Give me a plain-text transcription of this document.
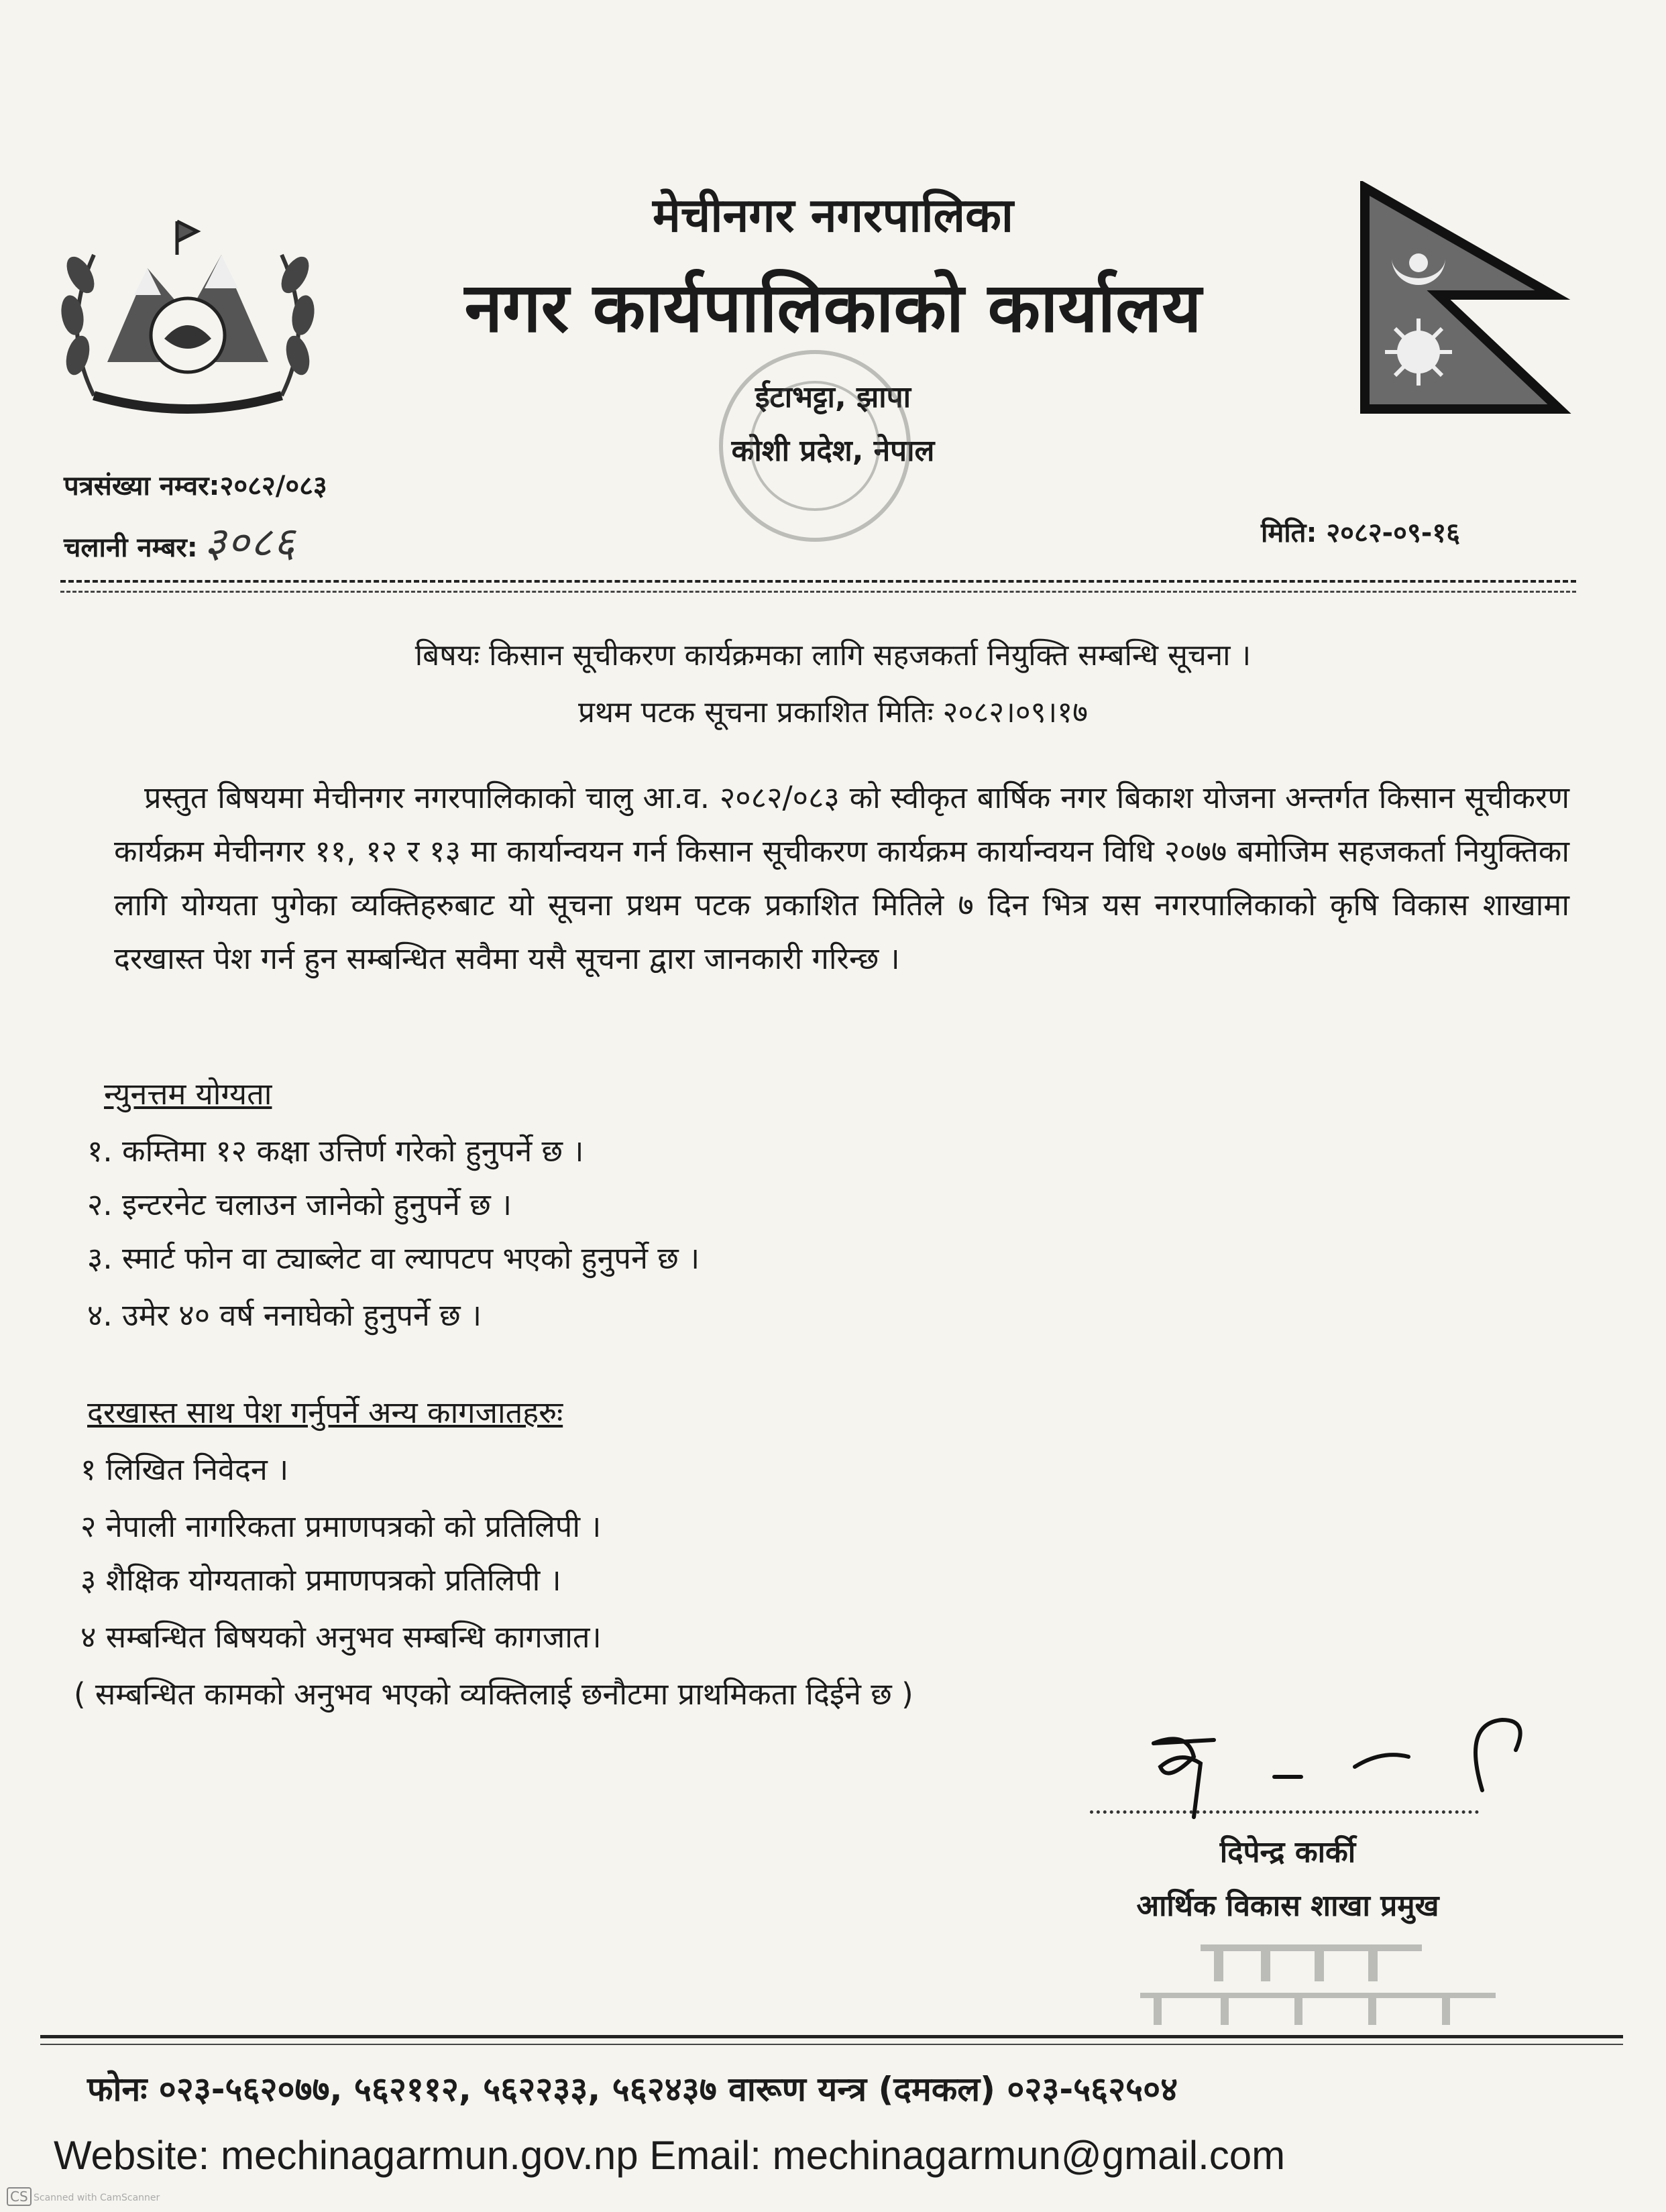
मेचीनगर नगरपालिका
नगर कार्यपालिकाको कार्यालय
ईटाभट्टा, झापा
कोशी प्रदेश, नेपाल
पत्रसंख्या नम्वर:२०८२/०८३
चलानी नम्बर: ३०८६	मिति: २०८२-०९-१६
बिषयः किसान सूचीकरण कार्यक्रमका लागि सहजकर्ता नियुक्ति सम्बन्धि सूचना ।
प्रथम पटक सूचना प्रकाशित मितिः २०८२।०९।१७
प्रस्तुत बिषयमा मेचीनगर नगरपालिकाको चालु आ.व. २०८२/०८३ को स्वीकृत बार्षिक नगर बिकाश योजना अन्तर्गत किसान सूचीकरण कार्यक्रम मेचीनगर ११, १२ र १३ मा कार्यान्वयन गर्न किसान सूचीकरण कार्यक्रम कार्यान्वयन विधि २०७७ बमोजिम सहजकर्ता नियुक्तिका लागि योग्यता पुगेका व्यक्तिहरुबाट यो सूचना प्रथम पटक प्रकाशित मितिले ७ दिन भित्र यस नगरपालिकाको कृषि विकास शाखामा दरखास्त पेश गर्न हुन सम्बन्धित सवैमा यसै सूचना द्वारा जानकारी गरिन्छ ।
न्युनत्तम योग्यता
१. कम्तिमा १२ कक्षा उत्तिर्ण गरेको हुनुपर्ने छ ।
२. इन्टरनेट चलाउन जानेको हुनुपर्ने छ ।
३. स्मार्ट फोन वा ट्याब्लेट वा ल्यापटप भएको हुनुपर्ने छ ।
४. उमेर ४० वर्ष ननाघेको हुनुपर्ने छ ।
दरखास्त साथ पेश गर्नुपर्ने अन्य कागजातहरुः
१ लिखित निवेदन ।
२ नेपाली नागरिकता प्रमाणपत्रको को प्रतिलिपी ।
३ शैक्षिक योग्यताको प्रमाणपत्रको प्रतिलिपी ।
४ सम्बन्धित बिषयको अनुभव सम्बन्धि कागजात।
( सम्बन्धित कामको अनुभव भएको व्यक्तिलाई छनौटमा प्राथमिकता दिईने छ )
दिपेन्द्र कार्की
आर्थिक विकास शाखा प्रमुख
फोनः ०२३-५६२०७७, ५६२११२, ५६२२३३, ५६२४३७ वारूण यन्त्र (दमकल) ०२३-५६२५०४
Website: mechinagarmun.gov.np Email: mechinagarmun@gmail.com
CS Scanned with CamScanner
